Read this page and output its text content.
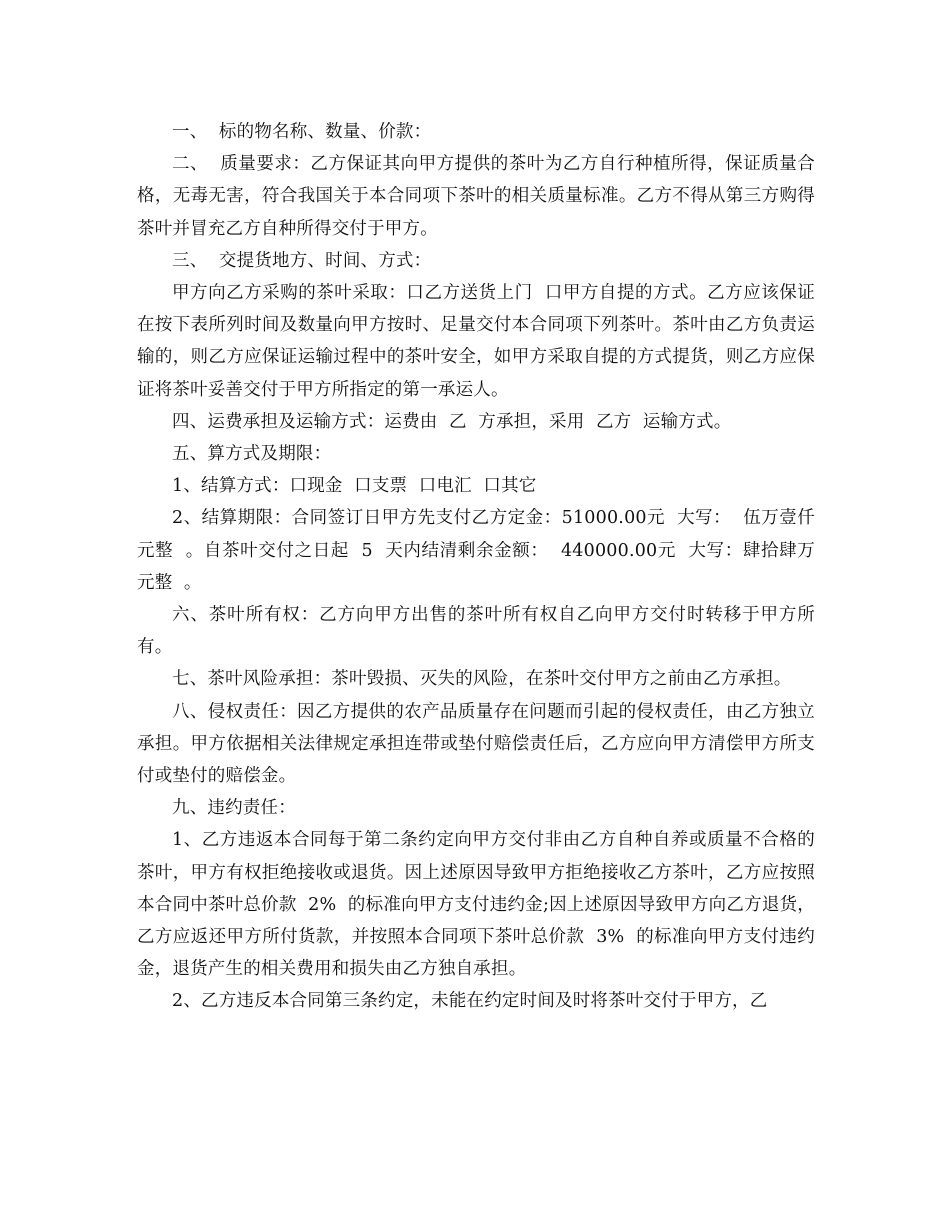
一、  标的物名称、数量、价款：

二、  质量要求：乙方保证其向甲方提供的茶叶为乙方自行种植所得，保证质量合格，无毒无害，符合我国关于本合同项下茶叶的相关质量标准。乙方不得从第三方购得茶叶并冒充乙方自种所得交付于甲方。

三、  交提货地方、时间、方式：

甲方向乙方采购的茶叶采取：口乙方送货上门  口甲方自提的方式。乙方应该保证在按下表所列时间及数量向甲方按时、足量交付本合同项下列茶叶。茶叶由乙方负责运输的，则乙方应保证运输过程中的茶叶安全，如甲方采取自提的方式提货，则乙方应保证将茶叶妥善交付于甲方所指定的第一承运人。

四、运费承担及运输方式：运费由  乙  方承担，采用  乙方  运输方式。

五、算方式及期限：

1、结算方式：口现金  口支票  口电汇  口其它

2、结算期限：合同签订日甲方先支付乙方定金：51000.00元  大写：  伍万壹仟元整  。自茶叶交付之日起  5  天内结清剩余金额：  440000.00元  大写：肆拾肆万元整  。

六、茶叶所有权：乙方向甲方出售的茶叶所有权自乙向甲方交付时转移于甲方所有。

七、茶叶风险承担：茶叶毁损、灭失的风险，在茶叶交付甲方之前由乙方承担。

八、侵权责任：因乙方提供的农产品质量存在问题而引起的侵权责任，由乙方独立承担。甲方依据相关法律规定承担连带或垫付赔偿责任后，乙方应向甲方清偿甲方所支付或垫付的赔偿金。

九、违约责任：

1、乙方违返本合同每于第二条约定向甲方交付非由乙方自种自养或质量不合格的茶叶，甲方有权拒绝接收或退货。因上述原因导致甲方拒绝接收乙方茶叶，乙方应按照本合同中茶叶总价款  2%  的标准向甲方支付违约金;因上述原因导致甲方向乙方退货，乙方应返还甲方所付货款，并按照本合同项下茶叶总价款  3%  的标准向甲方支付违约金，退货产生的相关费用和损失由乙方独自承担。

2、乙方违反本合同第三条约定，未能在约定时间及时将茶叶交付于甲方，乙
